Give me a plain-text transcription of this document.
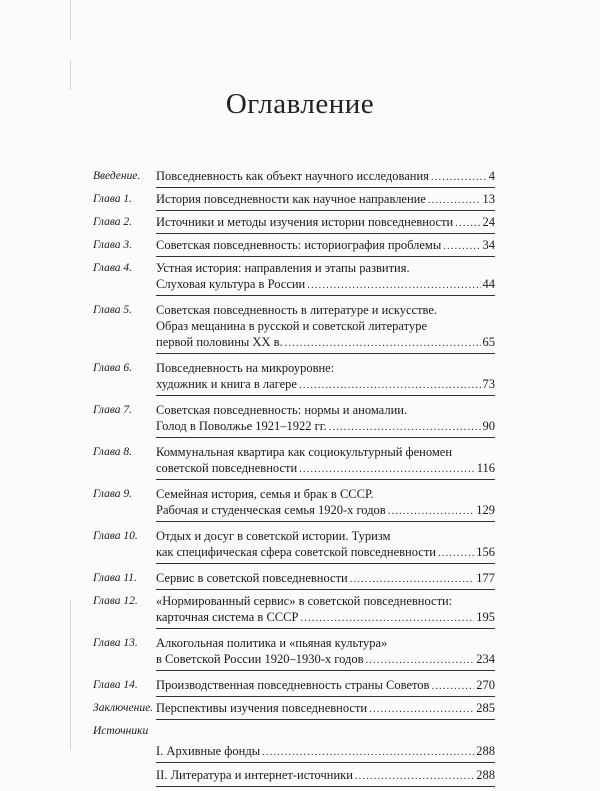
Оглавление
Введение. Повседневность как объект научного исследования .....	4
Глава 1. История повседневности как научное направление .....	13
Глава 2. Источники и методы изучения истории повседневности ..... 24
Глава 3. Советская повседневность: историография проблемы .....	34
Глава 4. Устная история: направления и этапы развития.
Слуховая культура в России .....	44
Глава 5. Советская повседневность в литературе и искусстве.
Образ мещанина в русской и советской литературе
первой половины XX в. .....	65
Глава 6. Повседневность на микроуровне:
художник и книга в лагере .....	73
Глава 7. Советская повседневность: нормы и аномалии.
Голод в Поволжье 1921–1922 гг. .....	90
Глава 8. Коммунальная квартира как социокультурный феномен
советской повседневности .....	116
Глава 9. Семейная история, семья и брак в СССР.
Рабочая и студенческая семья 1920-х годов .....	129
Глава 10. Отдых и досуг в советской истории. Туризм
как специфическая сфера советской повседневности .....	156
Глава 11. Сервис в советской повседневности .....	177
Глава 12. «Нормированный сервис» в советской повседневности:
карточная система в СССР .....	195
Глава 13. Алкогольная политика и «пьяная культура»
в Советской России 1920–1930-х годов .....	234
Глава 14. Производственная повседневность страны Советов .....	270
Заключение. Перспективы изучения повседневности .....	285
Источники
I. Архивные фонды .....	288
II. Литература и интернет-источники .....	288
